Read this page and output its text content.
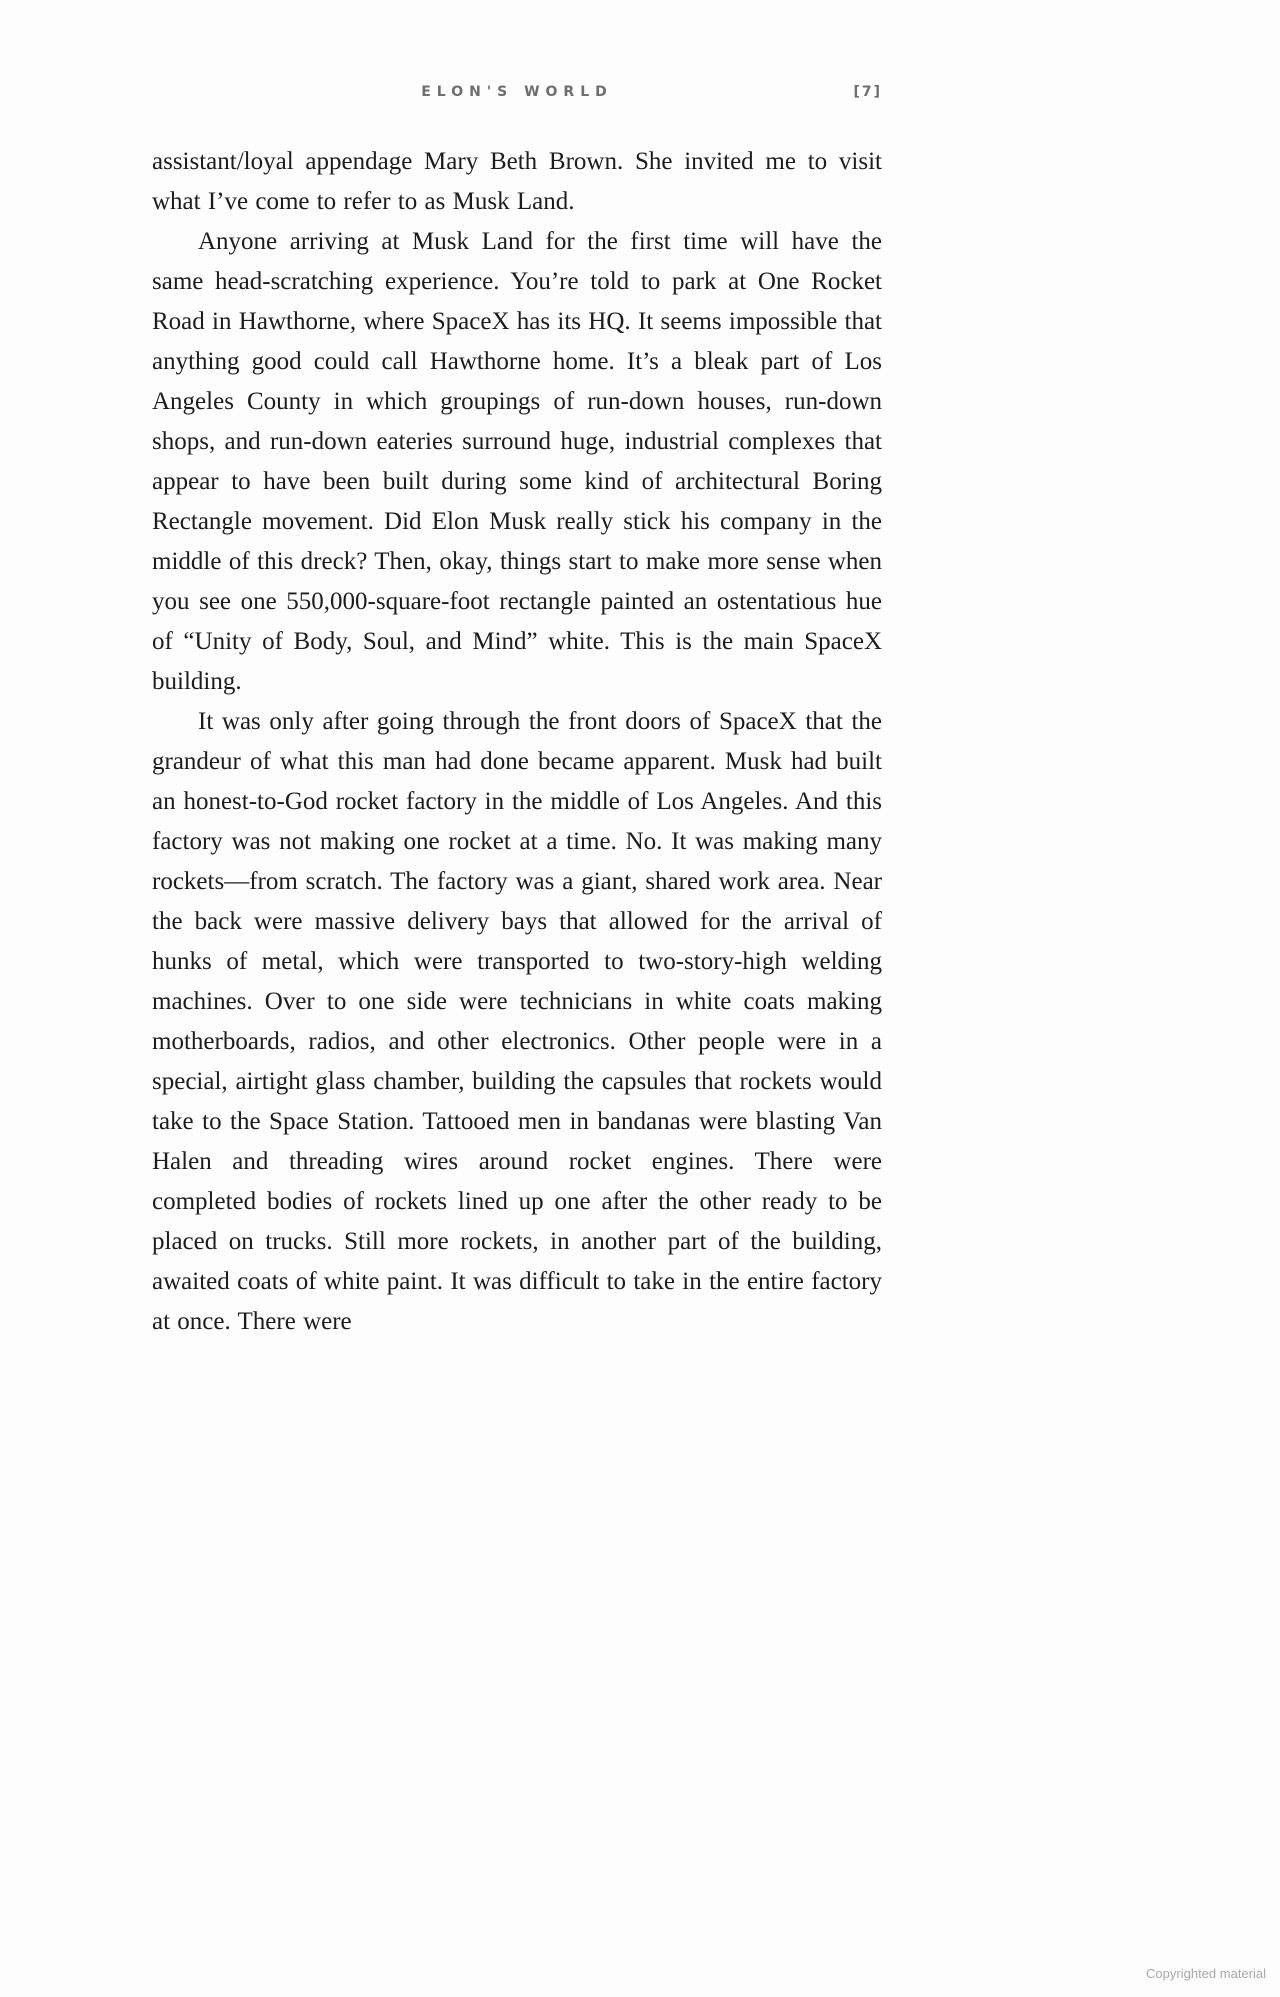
ELON'S WORLD	[7]

assistant/loyal appendage Mary Beth Brown. She invited me to visit what I’ve come to refer to as Musk Land.

Anyone arriving at Musk Land for the first time will have the same head-scratching experience. You’re told to park at One Rocket Road in Hawthorne, where SpaceX has its HQ. It seems impossible that anything good could call Hawthorne home. It’s a bleak part of Los Angeles County in which groupings of run-down houses, run-down shops, and run-down eateries surround huge, industrial complexes that appear to have been built during some kind of architectural Boring Rectangle movement. Did Elon Musk really stick his company in the middle of this dreck? Then, okay, things start to make more sense when you see one 550,000-square-foot rectangle painted an ostentatious hue of “Unity of Body, Soul, and Mind” white. This is the main SpaceX building.

It was only after going through the front doors of SpaceX that the grandeur of what this man had done became apparent. Musk had built an honest-to-God rocket factory in the middle of Los Angeles. And this factory was not making one rocket at a time. No. It was making many rockets—from scratch. The factory was a giant, shared work area. Near the back were massive delivery bays that allowed for the arrival of hunks of metal, which were transported to two-story-high welding machines. Over to one side were technicians in white coats making motherboards, radios, and other electronics. Other people were in a special, airtight glass chamber, building the capsules that rockets would take to the Space Station. Tattooed men in bandanas were blasting Van Halen and threading wires around rocket engines. There were completed bodies of rockets lined up one after the other ready to be placed on trucks. Still more rockets, in another part of the building, awaited coats of white paint. It was difficult to take in the entire factory at once. There were

Copyrighted material
